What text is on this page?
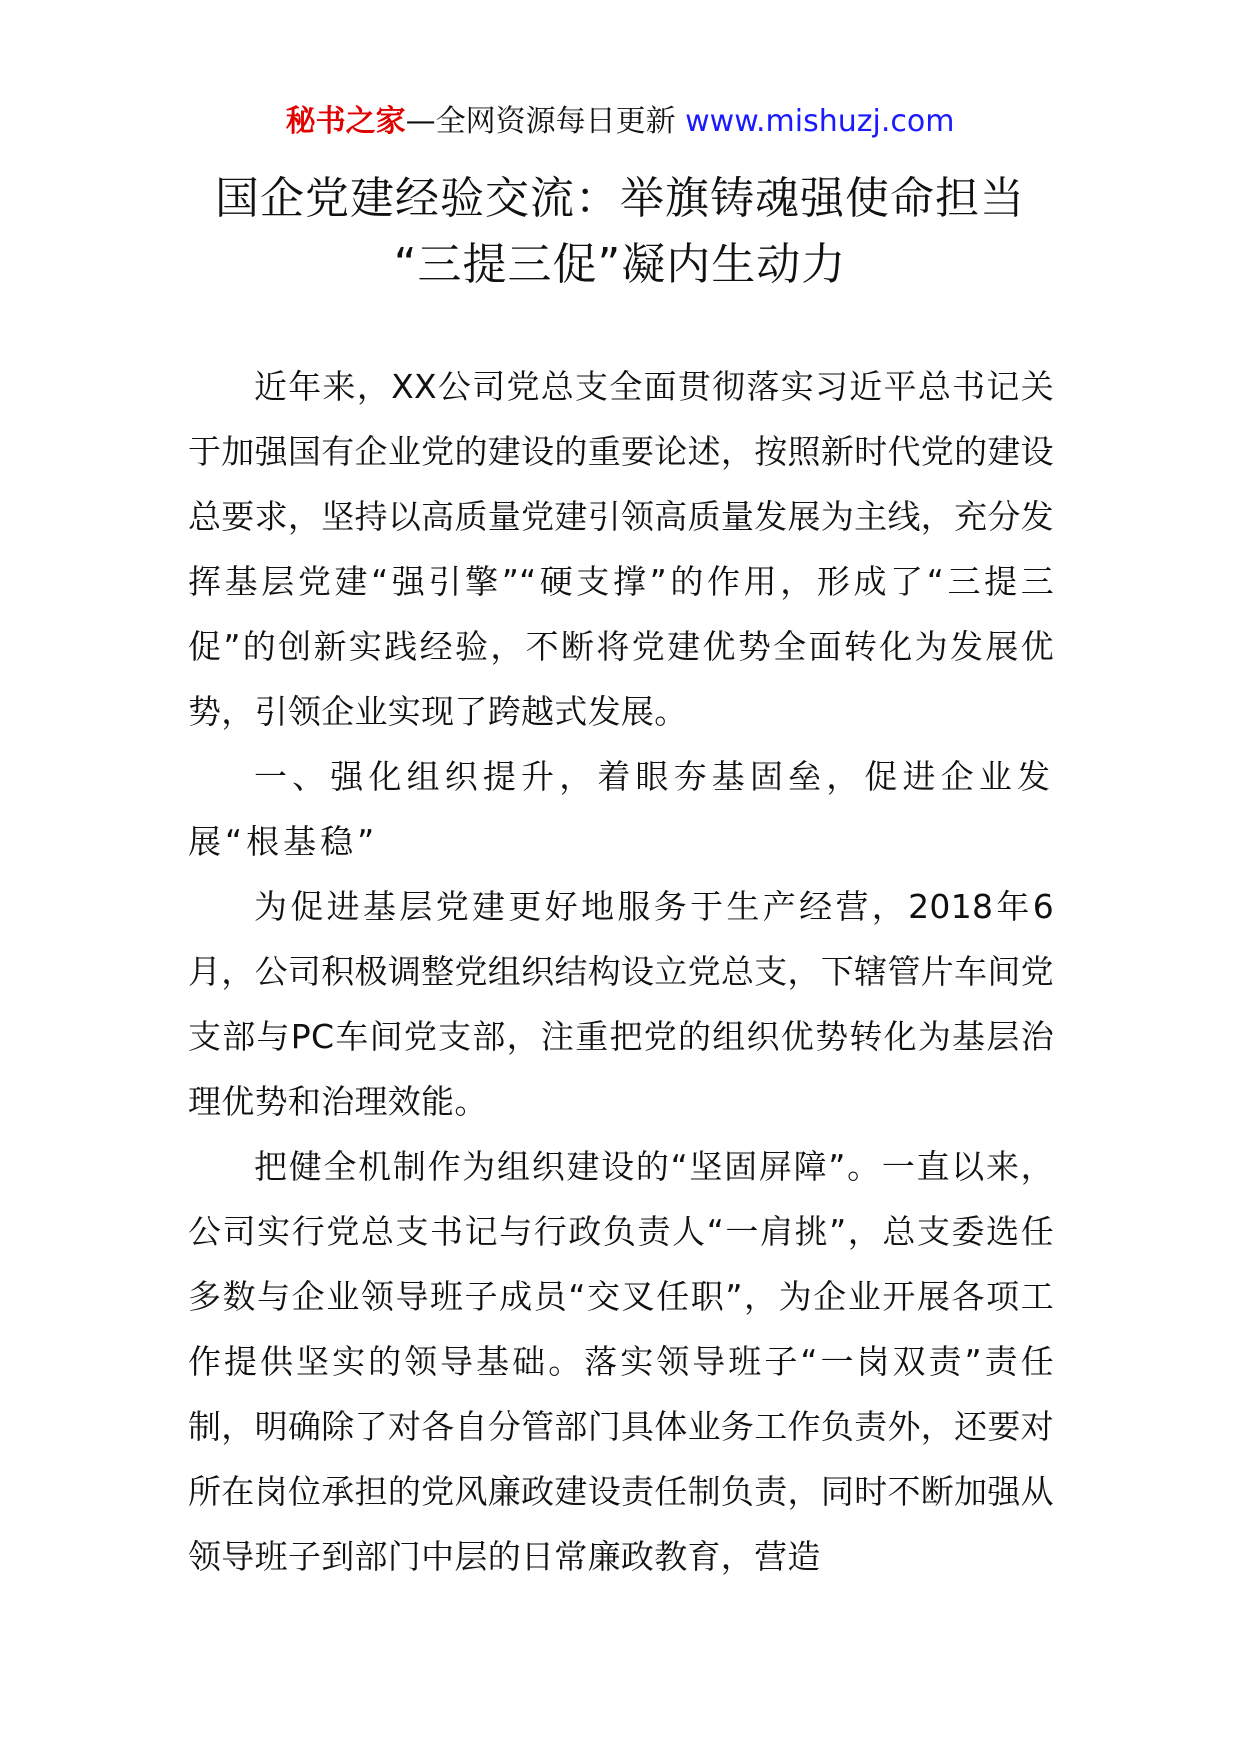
秘书之家—全网资源每日更新 www.mishuzj.com
国企党建经验交流：举旗铸魂强使命担当
“三提三促”凝内生动力

近年来，XX公司党总支全面贯彻落实习近平总书记关于加强国有企业党的建设的重要论述，按照新时代党的建设总要求，坚持以高质量党建引领高质量发展为主线，充分发挥基层党建“强引擎”“硬支撑”的作用，形成了“三提三促”的创新实践经验，不断将党建优势全面转化为发展优势，引领企业实现了跨越式发展。

一、强化组织提升，着眼夯基固垒，促进企业发展“根基稳”

为促进基层党建更好地服务于生产经营，2018年6月，公司积极调整党组织结构设立党总支，下辖管片车间党支部与PC车间党支部，注重把党的组织优势转化为基层治理优势和治理效能。

把健全机制作为组织建设的“坚固屏障”。一直以来，公司实行党总支书记与行政负责人“一肩挑”，总支委选任多数与企业领导班子成员“交叉任职”，为企业开展各项工作提供坚实的领导基础。落实领导班子“一岗双责”责任制，明确除了对各自分管部门具体业务工作负责外，还要对所在岗位承担的党风廉政建设责任制负责，同时不断加强从领导班子到部门中层的日常廉政教育，营造
